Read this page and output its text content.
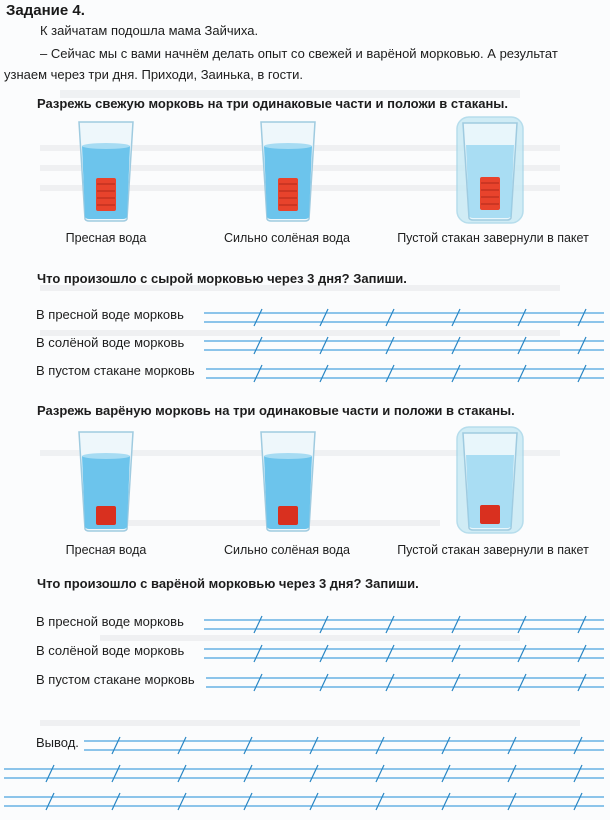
Задание 4.
К зайчатам подошла мама Зайчиха.
– Сейчас мы с вами начнём делать опыт со свежей и варёной морковью. А результат
узнаем через три дня. Приходи, Заинька, в гости.
Разрежь свежую морковь на три одинаковые части и положи в стаканы.
Пресная вода	Сильно солёная вода	Пустой стакан завернули в пакет
Что произошло с сырой морковью через 3 дня? Запиши.
В пресной воде морковь
В солёной воде морковь
В пустом стакане морковь
Разрежь варёную морковь на три одинаковые части и положи в стаканы.
Пресная вода	Сильно солёная вода	Пустой стакан завернули в пакет
Что произошло с варёной морковью через 3 дня? Запиши.
В пресной воде морковь
В солёной воде морковь
В пустом стакане морковь
Вывод.
